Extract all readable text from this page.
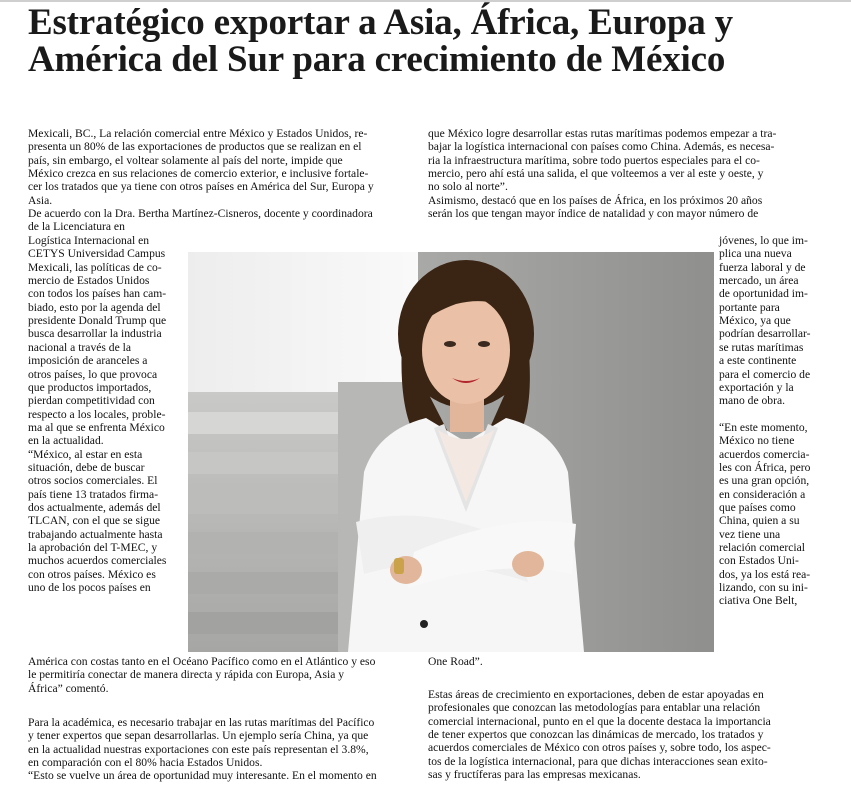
Estratégico exportar a Asia, África, Europa y América del Sur para crecimiento de México

Mexicali, BC., La relación comercial entre México y Estados Unidos, re-

presenta un 80% de las exportaciones de productos que se realizan en el

país, sin embargo, el voltear solamente al país del norte, impide que

México crezca en sus relaciones de comercio exterior, e inclusive fortale-

cer los tratados que ya tiene con otros países en América del Sur, Europa y

Asia.

De acuerdo con la Dra. Bertha Martínez-Cisneros, docente y coordinadora

de la Licenciatura en

Logística Internacional en

CETYS Universidad Campus

Mexicali, las políticas de co-

mercio de Estados Unidos

con todos los países han cam-

biado, esto por la agenda del

presidente Donald Trump que

busca desarrollar la industria

nacional a través de la

imposición de aranceles a

otros países, lo que provoca

que productos importados,

pierdan competitividad con

respecto a los locales, proble-

ma al que se enfrenta México

en la actualidad.

“México, al estar en esta

situación, debe de buscar

otros socios comerciales. El

país tiene 13 tratados firma-

dos actualmente, además del

TLCAN, con el que se sigue

trabajando actualmente hasta

la aprobación del T-MEC, y

muchos acuerdos comerciales

con otros países. México es

uno de los pocos países en

América con costas tanto en el Océano Pacífico como en el Atlántico y eso

le permitiría conectar de manera directa y rápida con Europa, Asia y

África” comentó.

Para la académica, es necesario trabajar en las rutas marítimas del Pacífico

y tener expertos que sepan desarrollarlas. Un ejemplo sería China, ya que

en la actualidad nuestras exportaciones con este país representan el 3.8%,

en comparación con el 80% hacia Estados Unidos.

“Esto se vuelve un área de oportunidad muy interesante. En el momento en

que México logre desarrollar estas rutas marítimas podemos empezar a tra-

bajar la logística internacional con países como China. Además, es necesa-

ria la infraestructura marítima, sobre todo puertos especiales para el co-

mercio, pero ahí está una salida, el que volteemos a ver al este y oeste, y

no solo al norte”.

Asimismo, destacó que en los países de África, en los próximos 20 años

serán los que tengan mayor índice de natalidad y con mayor número de

jóvenes, lo que im-

plica una nueva

fuerza laboral y de

mercado, un área

de oportunidad im-

portante para

México, ya que

podrían desarrollar-

se rutas marítimas

a este continente

para el comercio de

exportación y la

mano de obra.

“En este momento,

México no tiene

acuerdos comercia-

les con África, pero

es una gran opción,

en consideración a

que países como

China, quien a su

vez tiene una

relación comercial

con Estados Uni-

dos, ya los está rea-

lizando, con su ini-

ciativa One Belt,

One Road”.

Estas áreas de crecimiento en exportaciones, deben de estar apoyadas en

profesionales que conozcan las metodologías para entablar una relación

comercial internacional, punto en el que la docente destaca la importancia

de tener expertos que conozcan las dinámicas de mercado, los tratados y

acuerdos comerciales de México con otros países y, sobre todo, los aspec-

tos de la logística internacional, para que dichas interacciones sean exito-

sas y fructíferas para las empresas mexicanas.
